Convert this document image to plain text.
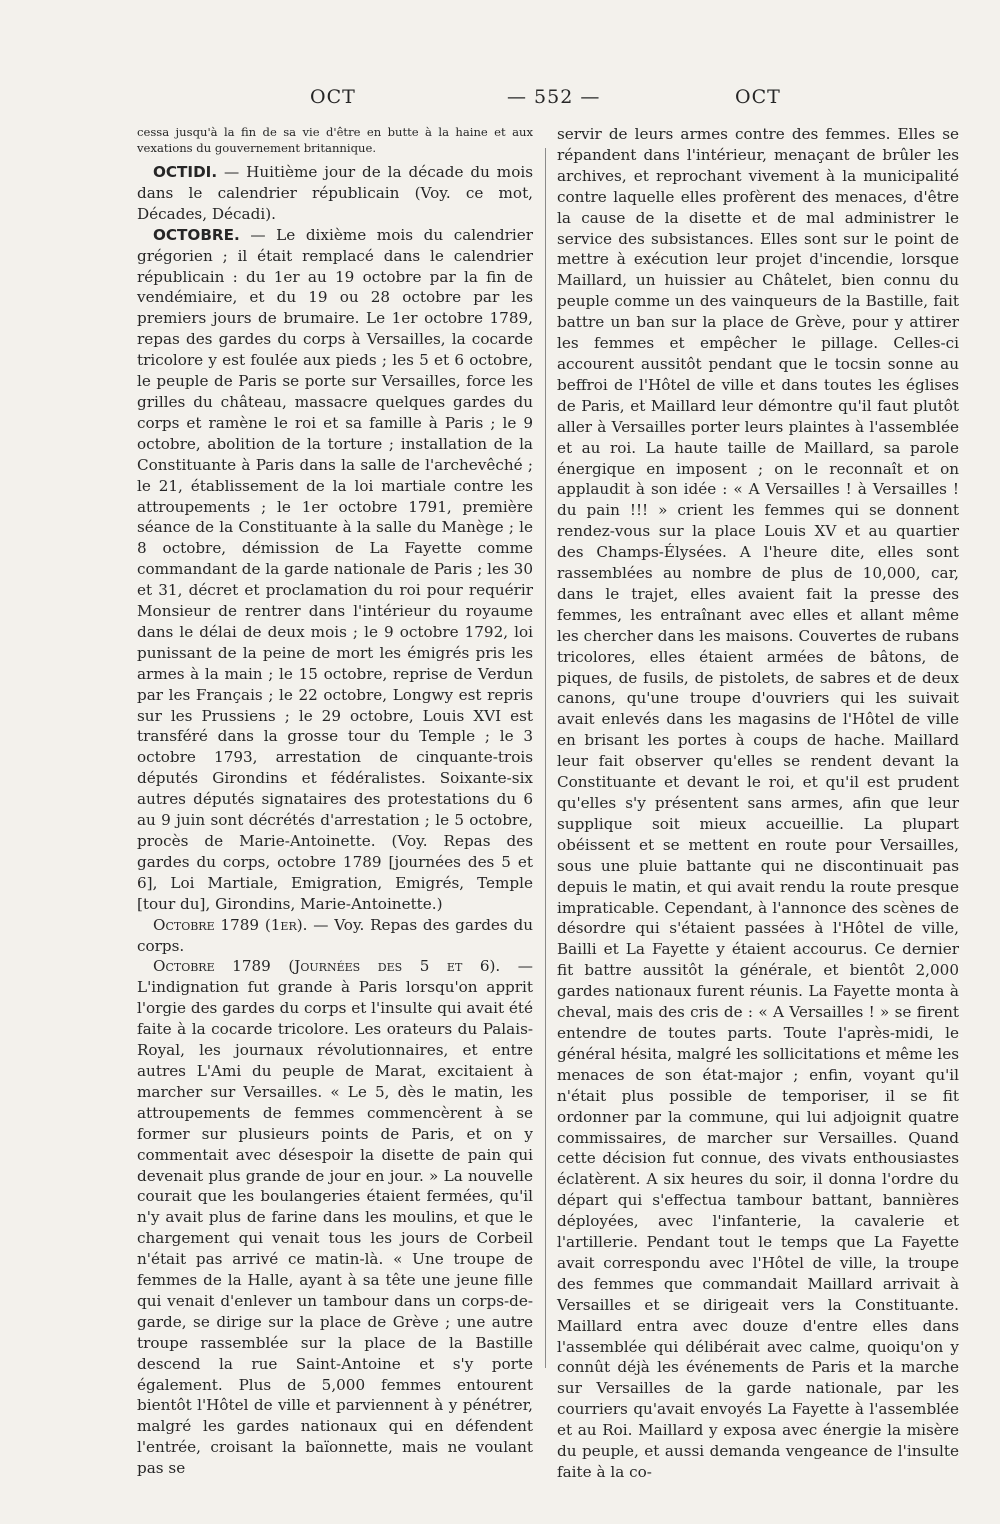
OCT	— 552 —	OCT

cessa jusqu'à la fin de sa vie d'être en butte à la haine et aux vexations du gouvernement britannique.

OCTIDI. — Huitième jour de la décade du mois dans le calendrier républicain (Voy. ce mot, Décades, Décadi).

OCTOBRE. — Le dixième mois du calendrier grégorien ; il était remplacé dans le calendrier républicain : du 1er au 19 octobre par la fin de vendémiaire, et du 19 ou 28 octobre par les premiers jours de brumaire. Le 1er octobre 1789, repas des gardes du corps à Versailles, la cocarde tricolore y est foulée aux pieds ; les 5 et 6 octobre, le peuple de Paris se porte sur Versailles, force les grilles du château, massacre quelques gardes du corps et ramène le roi et sa famille à Paris ; le 9 octobre, abolition de la torture ; installation de la Constituante à Paris dans la salle de l'archevêché ; le 21, établissement de la loi martiale contre les attroupements ; le 1er octobre 1791, première séance de la Constituante à la salle du Manège ; le 8 octobre, démission de La Fayette comme commandant de la garde nationale de Paris ; les 30 et 31, décret et proclamation du roi pour requérir Monsieur de rentrer dans l'intérieur du royaume dans le délai de deux mois ; le 9 octobre 1792, loi punissant de la peine de mort les émigrés pris les armes à la main ; le 15 octobre, reprise de Verdun par les Français ; le 22 octobre, Longwy est repris sur les Prussiens ; le 29 octobre, Louis XVI est transféré dans la grosse tour du Temple ; le 3 octobre 1793, arrestation de cinquante-trois députés Girondins et fédéralistes. Soixante-six autres députés signataires des protestations du 6 au 9 juin sont décrétés d'arrestation ; le 5 octobre, procès de Marie-Antoinette. (Voy. Repas des gardes du corps, octobre 1789 [journées des 5 et 6], Loi Martiale, Emigration, Emigrés, Temple [tour du], Girondins, Marie-Antoinette.)

Octobre 1789 (1er). — Voy. Repas des gardes du corps.

Octobre 1789 (Journées des 5 et 6). — L'indignation fut grande à Paris lorsqu'on apprit l'orgie des gardes du corps et l'insulte qui avait été faite à la cocarde tricolore. Les orateurs du Palais-Royal, les journaux révolutionnaires, et entre autres L'Ami du peuple de Marat, excitaient à marcher sur Versailles. « Le 5, dès le matin, les attroupements de femmes commencèrent à se former sur plusieurs points de Paris, et on y commentait avec désespoir la disette de pain qui devenait plus grande de jour en jour. » La nouvelle courait que les boulangeries étaient fermées, qu'il n'y avait plus de farine dans les moulins, et que le chargement qui venait tous les jours de Corbeil n'était pas arrivé ce matin-là. « Une troupe de femmes de la Halle, ayant à sa tête une jeune fille qui venait d'enlever un tambour dans un corps-de-garde, se dirige sur la place de Grève ; une autre troupe rassemblée sur la place de la Bastille descend la rue Saint-Antoine et s'y porte également. Plus de 5,000 femmes entourent bientôt l'Hôtel de ville et parviennent à y pénétrer, malgré les gardes nationaux qui en défendent l'entrée, croisant la baïonnette, mais ne voulant pas se

servir de leurs armes contre des femmes. Elles se répandent dans l'intérieur, menaçant de brûler les archives, et reprochant vivement à la municipalité contre laquelle elles profèrent des menaces, d'être la cause de la disette et de mal administrer le service des subsistances. Elles sont sur le point de mettre à exécution leur projet d'incendie, lorsque Maillard, un huissier au Châtelet, bien connu du peuple comme un des vainqueurs de la Bastille, fait battre un ban sur la place de Grève, pour y attirer les femmes et empêcher le pillage. Celles-ci accourent aussitôt pendant que le tocsin sonne au beffroi de l'Hôtel de ville et dans toutes les églises de Paris, et Maillard leur démontre qu'il faut plutôt aller à Versailles porter leurs plaintes à l'assemblée et au roi. La haute taille de Maillard, sa parole énergique en imposent ; on le reconnaît et on applaudit à son idée : « A Versailles ! à Versailles ! du pain !!! » crient les femmes qui se donnent rendez-vous sur la place Louis XV et au quartier des Champs-Élysées. A l'heure dite, elles sont rassemblées au nombre de plus de 10,000, car, dans le trajet, elles avaient fait la presse des femmes, les entraînant avec elles et allant même les chercher dans les maisons. Couvertes de rubans tricolores, elles étaient armées de bâtons, de piques, de fusils, de pistolets, de sabres et de deux canons, qu'une troupe d'ouvriers qui les suivait avait enlevés dans les magasins de l'Hôtel de ville en brisant les portes à coups de hache. Maillard leur fait observer qu'elles se rendent devant la Constituante et devant le roi, et qu'il est prudent qu'elles s'y présentent sans armes, afin que leur supplique soit mieux accueillie. La plupart obéissent et se mettent en route pour Versailles, sous une pluie battante qui ne discontinuait pas depuis le matin, et qui avait rendu la route presque impraticable. Cependant, à l'annonce des scènes de désordre qui s'étaient passées à l'Hôtel de ville, Bailli et La Fayette y étaient accourus. Ce dernier fit battre aussitôt la générale, et bientôt 2,000 gardes nationaux furent réunis. La Fayette monta à cheval, mais des cris de : « A Versailles ! » se firent entendre de toutes parts. Toute l'après-midi, le général hésita, malgré les sollicitations et même les menaces de son état-major ; enfin, voyant qu'il n'était plus possible de temporiser, il se fit ordonner par la commune, qui lui adjoignit quatre commissaires, de marcher sur Versailles. Quand cette décision fut connue, des vivats enthousiastes éclatèrent. A six heures du soir, il donna l'ordre du départ qui s'effectua tambour battant, bannières déployées, avec l'infanterie, la cavalerie et l'artillerie. Pendant tout le temps que La Fayette avait correspondu avec l'Hôtel de ville, la troupe des femmes que commandait Maillard arrivait à Versailles et se dirigeait vers la Constituante. Maillard entra avec douze d'entre elles dans l'assemblée qui délibérait avec calme, quoiqu'on y connût déjà les événements de Paris et la marche sur Versailles de la garde nationale, par les courriers qu'avait envoyés La Fayette à l'assemblée et au Roi. Maillard y exposa avec énergie la misère du peuple, et aussi demanda vengeance de l'insulte faite à la co-
